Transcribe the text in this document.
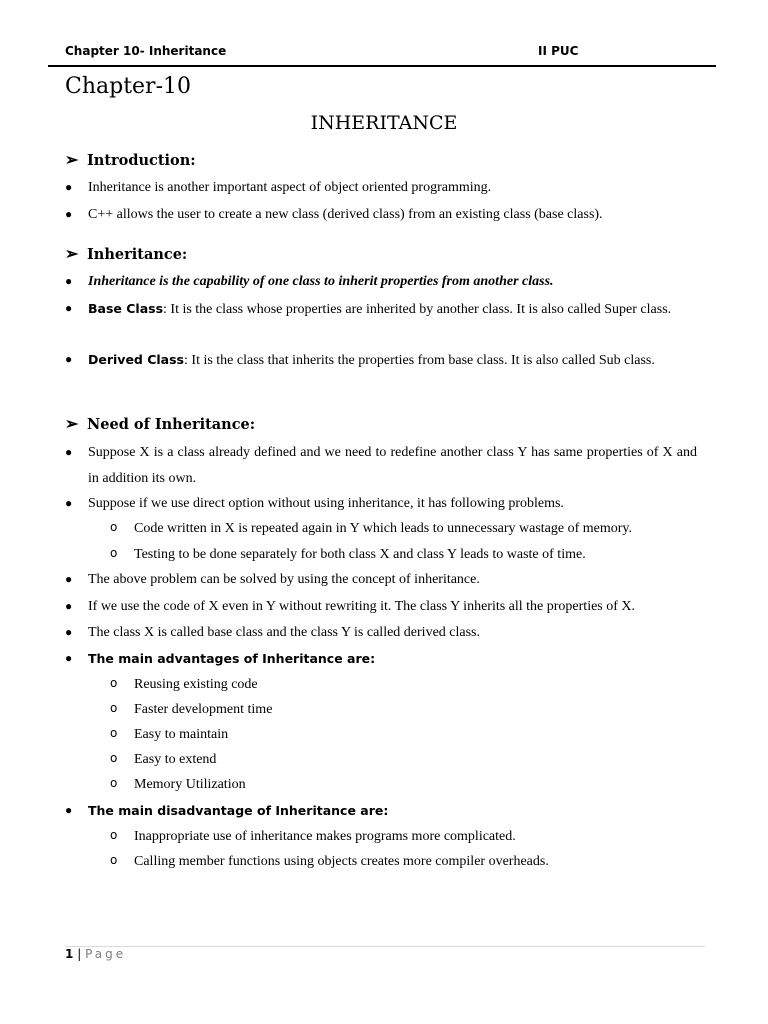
Chapter 10- Inheritance	II PUC
Chapter-10
INHERITANCE
➢ Introduction:
●	Inheritance is another important aspect of object oriented programming.
●	C++ allows the user to create a new class (derived class) from an existing class (base class).
➢ Inheritance:
●	Inheritance is the capability of one class to inherit properties from another class.
●	Base Class: It is the class whose properties are inherited by another class. It is also called Super class.
●	Derived Class: It is the class that inherits the properties from base class. It is also called Sub class.
➢ Need of Inheritance:
●	Suppose X is a class already defined and we need to redefine another class Y has same properties of X and in addition its own.
●	Suppose if we use direct option without using inheritance, it has following problems.
o Code written in X is repeated again in Y which leads to unnecessary wastage of memory.
o Testing to be done separately for both class X and class Y leads to waste of time.
●	The above problem can be solved by using the concept of inheritance.
●	If we use the code of X even in Y without rewriting it. The class Y inherits all the properties of X.
●	The class X is called base class and the class Y is called derived class.
●	The main advantages of Inheritance are:
o Reusing existing code
o Faster development time
o Easy to maintain
o Easy to extend
o Memory Utilization
●	The main disadvantage of Inheritance are:
o Inappropriate use of inheritance makes programs more complicated.
o Calling member functions using objects creates more compiler overheads.
1 | Page
